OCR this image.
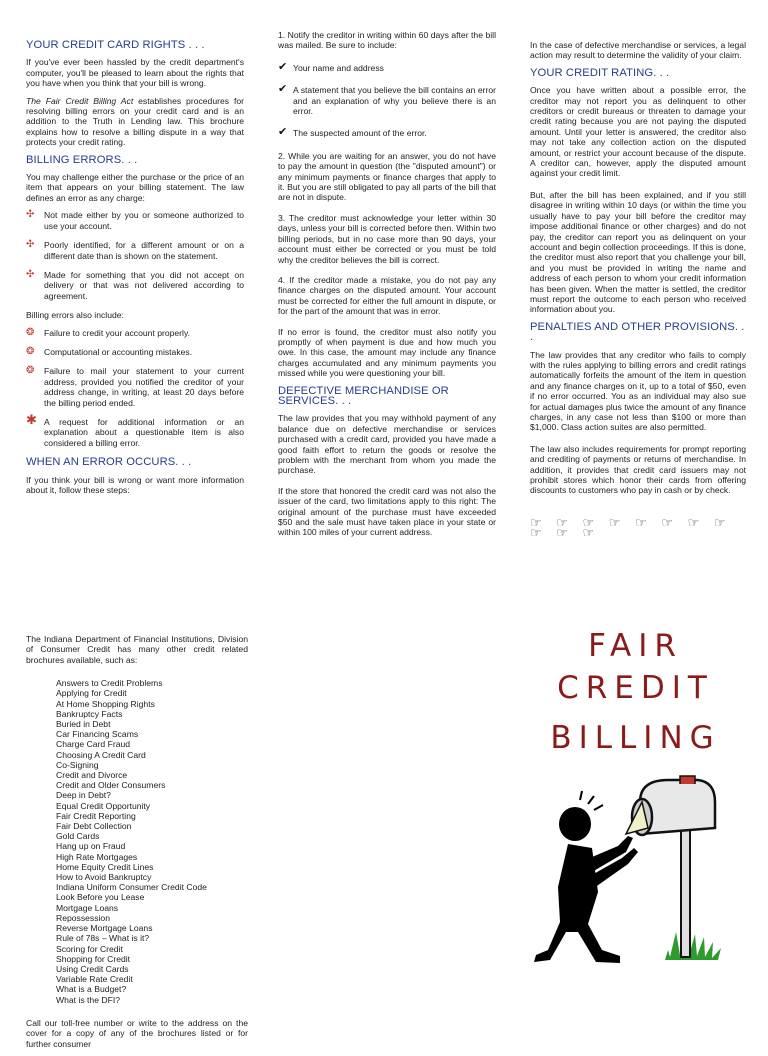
YOUR CREDIT CARD RIGHTS . . .

If you've ever been hassled by the credit department's computer, you'll be pleased to learn about the rights that you have when you think that your bill is wrong.

The Fair Credit Billing Act establishes procedures for resolving billing errors on your credit card and is an addition to the Truth in Lending law. This brochure explains how to resolve a billing dispute in a way that protects your credit rating.

BILLING ERRORS. . .

You may challenge either the purchase or the price of an item that appears on your billing statement. The law defines an error as any charge:

✣ Not made either by you or someone authorized to use your account.
✣ Poorly identified, for a different amount or on a different date than is shown on the statement.
✣ Made for something that you did not accept on delivery or that was not delivered according to agreement.

Billing errors also include:

❂ Failure to credit your account properly.
❂ Computational or accounting mistakes.
❂ Failure to mail your statement to your current address, provided you notified the creditor of your address change, in writing, at least 20 days before the billing period ended.
✱ A request for additional information or an explanation about a questionable item is also considered a billing error.
WHEN AN ERROR OCCURS. . .

If you think your bill is wrong or want more information about it, follow these steps:

1. Notify the creditor in writing within 60 days after the bill was mailed. Be sure to include:

✔ Your name and address
✔ A statement that you believe the bill contains an error and an explanation of why you believe there is an error.
✔ The suspected amount of the error.

2. While you are waiting for an answer, you do not have to pay the amount in question (the "disputed amount") or any minimum payments or finance charges that apply to it. But you are still obligated to pay all parts of the bill that are not in dispute.

3. The creditor must acknowledge your letter within 30 days, unless your bill is corrected before then. Within two billing periods, but in no case more than 90 days, your account must either be corrected or you must be told why the creditor believes the bill is correct.

4. If the creditor made a mistake, you do not pay any finance charges on the disputed amount. Your account must be corrected for either the full amount in dispute, or for the part of the amount that was in error.

If no error is found, the creditor must also notify you promptly of when payment is due and how much you owe. In this case, the amount may include any finance charges accumulated and any minimum payments you missed while you were questioning your bill.

DEFECTIVE MERCHANDISE OR SERVICES. . .

The law provides that you may withhold payment of any balance due on defective merchandise or services purchased with a credit card, provided you have made a good faith effort to return the goods or resolve the problem with the merchant from whom you made the purchase.

If the store that honored the credit card was not also the issuer of the card, two limitations apply to this right: The original amount of the purchase must have exceeded $50 and the sale must have taken place in your state or within 100 miles of your current address.

In the case of defective merchandise or services, a legal action may result to determine the validity of your claim.

YOUR CREDIT RATING. . .

Once you have written about a possible error, the creditor may not report you as delinquent to other creditors or credit bureaus or threaten to damage your credit rating because you are not paying the disputed amount. Until your letter is answered, the creditor also may not take any collection action on the disputed amount, or restrict your account because of the dispute. A creditor can, however, apply the disputed amount against your credit limit.

But, after the bill has been explained, and if you still disagree in writing within 10 days (or within the time you usually have to pay your bill before the creditor may impose additional finance or other charges) and do not pay, the creditor can report you as delinquent on your account and begin collection proceedings. If this is done, the creditor must also report that you challenge your bill, and you must be provided in writing the name and address of each person to whom your credit information has been given. When the matter is settled, the creditor must report the outcome to each person who received information about you.

PENALTIES AND OTHER PROVISIONS. . .

The law provides that any creditor who fails to comply with the rules applying to billing errors and credit ratings automatically forfeits the amount of the item in question and any finance charges on it, up to a total of $50, even if no error occurred. You as an individual may also sue for actual damages plus twice the amount of any finance charges, in any case not less than $100 or more than $1,000. Class action suites are also permitted.

The law also includes requirements for prompt reporting and crediting of payments or returns of merchandise. In addition, it provides that credit card issuers may not prohibit stores which honor their cards from offering discounts to customers who pay in cash or by check.

☞ ☞ ☞ ☞ ☞ ☞ ☞ ☞ ☞ ☞ ☞

The Indiana Department of Financial Institutions, Division of Consumer Credit has many other credit related brochures available, such as:

Answers to Credit Problems
Applying for Credit
At Home Shopping Rights
Bankruptcy Facts
Buried in Debt
Car Financing Scams
Charge Card Fraud
Choosing A Credit Card
Co-Signing
Credit and Divorce
Credit and Older Consumers
Deep in Debt?
Equal Credit Opportunity
Fair Credit Reporting
Fair Debt Collection
Gold Cards
Hang up on Fraud
High Rate Mortgages
Home Equity Credit Lines
How to Avoid Bankruptcy
Indiana Uniform Consumer Credit Code
Look Before you Lease
Mortgage Loans
Repossession
Reverse Mortgage Loans
Rule of 78s – What is it?
Scoring for Credit
Shopping for Credit
Using Credit Cards
Variable Rate Credit
What is a Budget?
What is the DFI?

Call our toll-free number or write to the address on the cover for a copy of any of the brochures listed or for further consumer

FAIR
CREDIT
BILLING
